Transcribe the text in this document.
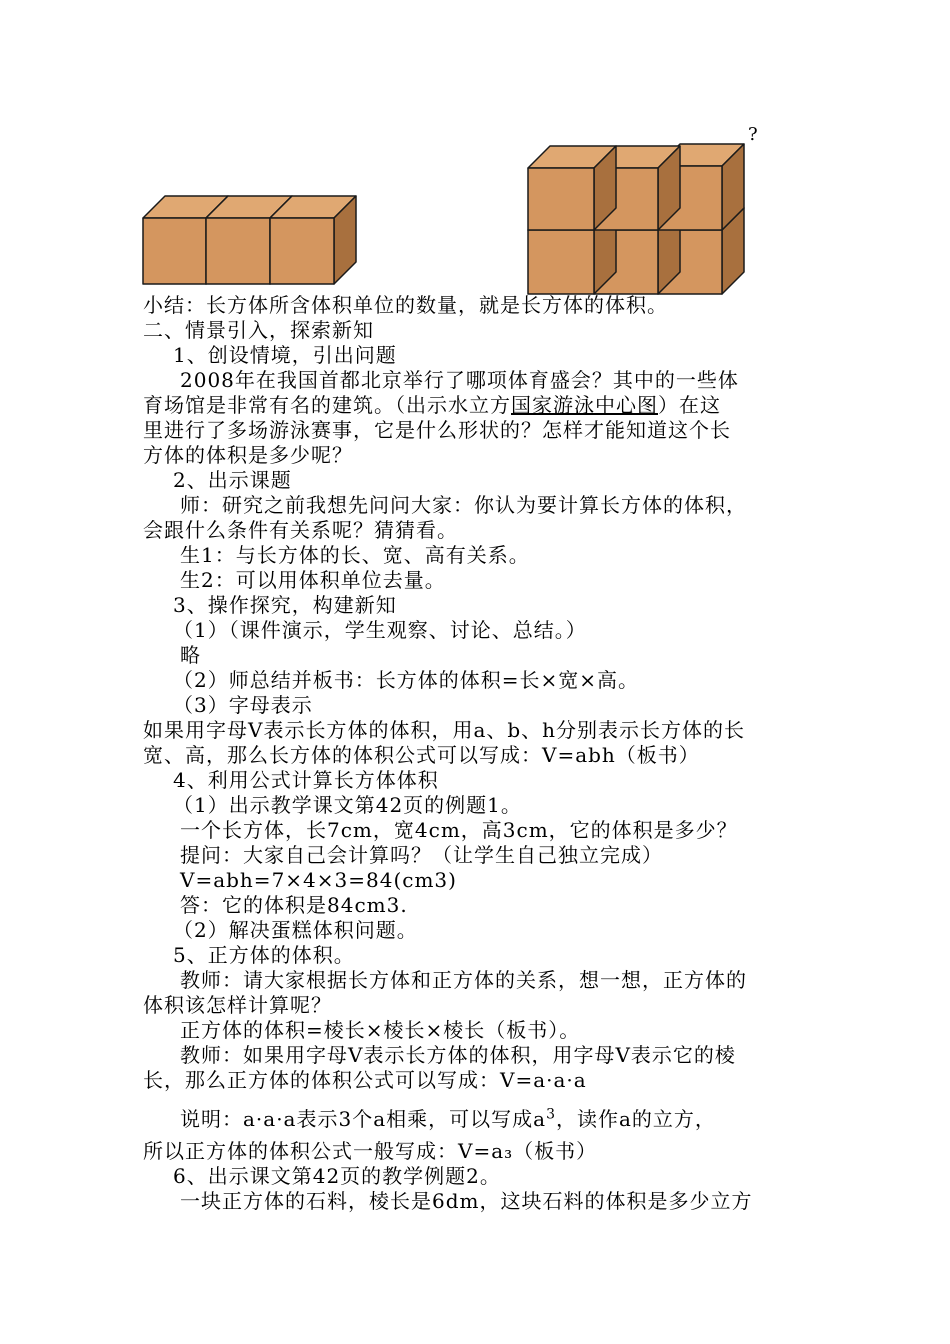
?
小结：长方体所含体积单位的数量，就是长方体的体积。
二、情景引入，探索新知
1、创设情境，引出问题
2008年在我国首都北京举行了哪项体育盛会？其中的一些体
育场馆是非常有名的建筑。（出示水立方国家游泳中心图）在这
里进行了多场游泳赛事，它是什么形状的？怎样才能知道这个长
方体的体积是多少呢？
2、出示课题
师：研究之前我想先问问大家：你认为要计算长方体的体积，
会跟什么条件有关系呢？猜猜看。
生1：与长方体的长、宽、高有关系。
生2：可以用体积单位去量。
3、操作探究，构建新知
（1）（课件演示，学生观察、讨论、总结。）
略
（2）师总结并板书：长方体的体积=长×宽×高。
（3）字母表示
如果用字母V表示长方体的体积，用a、b、h分别表示长方体的长
宽、高，那么长方体的体积公式可以写成：V=abh（板书）
4、利用公式计算长方体体积
（1）出示教学课文第42页的例题1。
一个长方体，长7cm，宽4cm，高3cm，它的体积是多少？
提问：大家自己会计算吗？（让学生自己独立完成）
V=abh=7×4×3=84(cm3)
答：它的体积是84cm3.
（2）解决蛋糕体积问题。
5、正方体的体积。
教师：请大家根据长方体和正方体的关系，想一想，正方体的
体积该怎样计算呢？
正方体的体积=棱长×棱长×棱长（板书）。
教师：如果用字母V表示长方体的体积，用字母V表示它的棱
长，那么正方体的体积公式可以写成：V=a·a·a
说明：a·a·a表示3个a相乘，可以写成$a^3$，读作a的立方，
所以正方体的体积公式一般写成：V=a₃（板书）
6、出示课文第42页的教学例题2。
一块正方体的石料，棱长是6dm，这块石料的体积是多少立方
